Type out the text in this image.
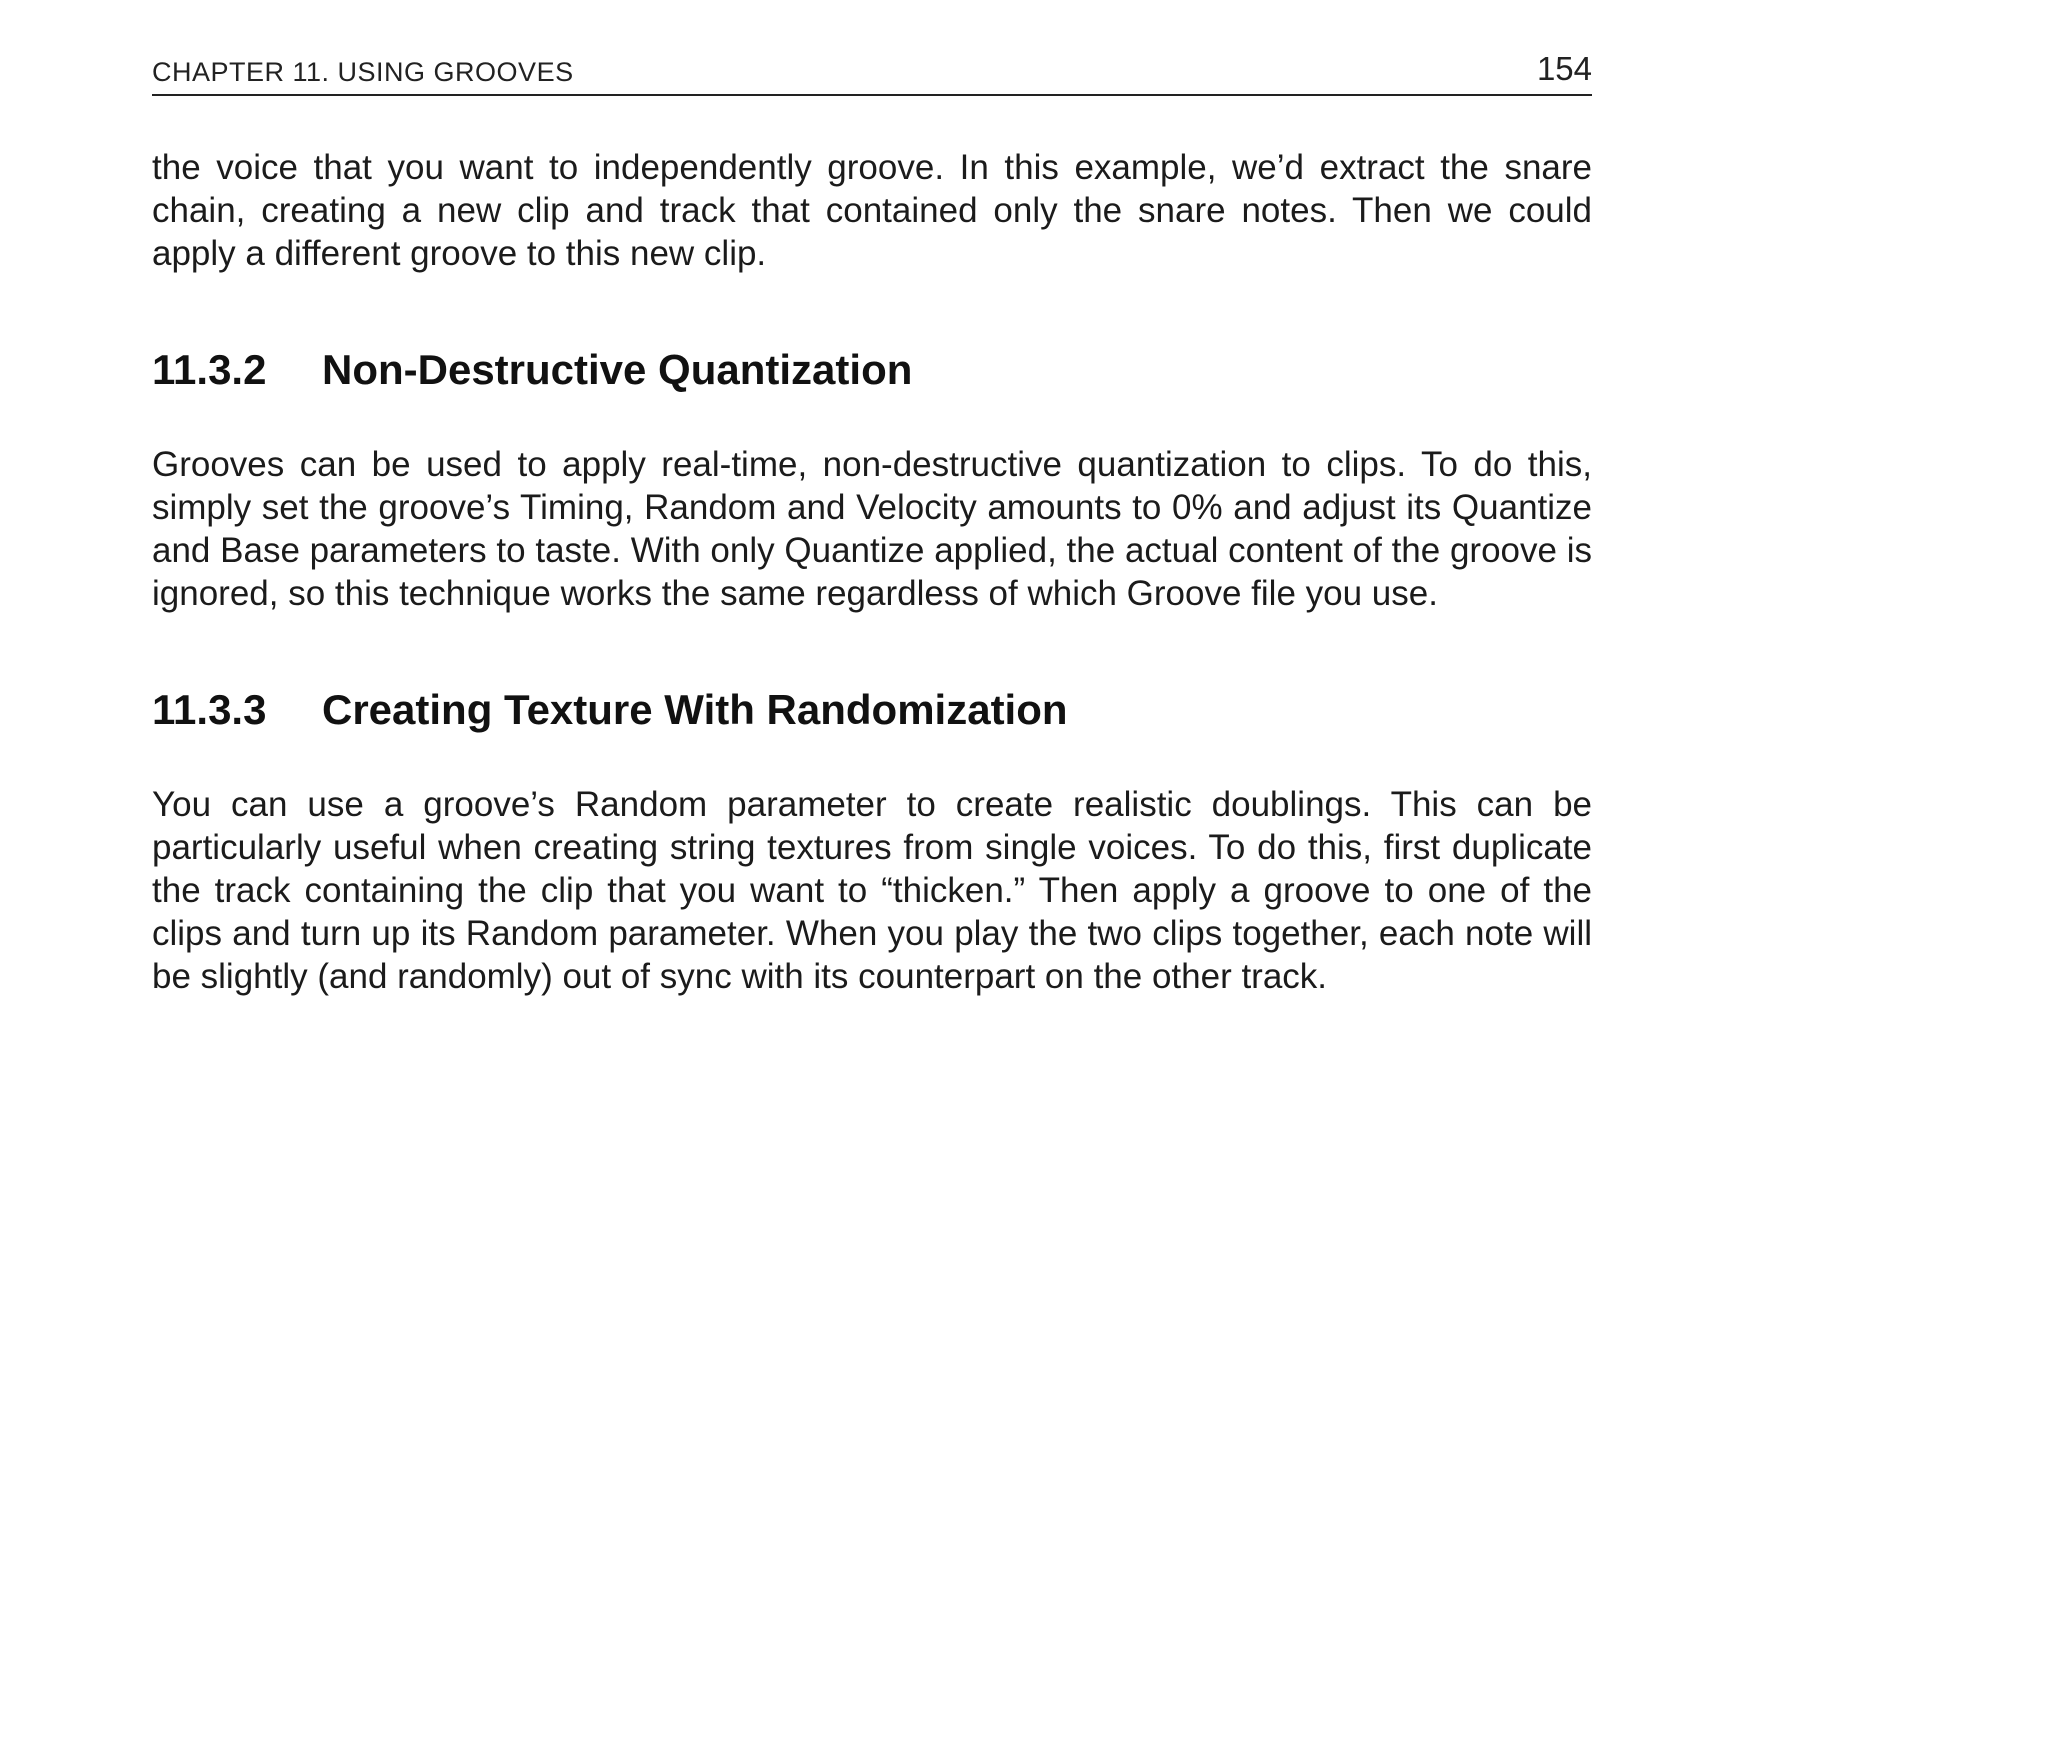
CHAPTER 11. USING GROOVES	154

the voice that you want to independently groove. In this example, we’d extract the snare chain, creating a new clip and track that contained only the snare notes. Then we could apply a different groove to this new clip.

11.3.2 Non-Destructive Quantization

Grooves can be used to apply real-time, non-destructive quantization to clips. To do this, simply set the groove’s Timing, Random and Velocity amounts to 0% and adjust its Quantize and Base parameters to taste. With only Quantize applied, the actual content of the groove is ignored, so this technique works the same regardless of which Groove file you use.

11.3.3 Creating Texture With Randomization

You can use a groove’s Random parameter to create realistic doublings. This can be particularly useful when creating string textures from single voices. To do this, first duplicate the track containing the clip that you want to “thicken.” Then apply a groove to one of the clips and turn up its Random parameter. When you play the two clips together, each note will be slightly (and randomly) out of sync with its counterpart on the other track.
